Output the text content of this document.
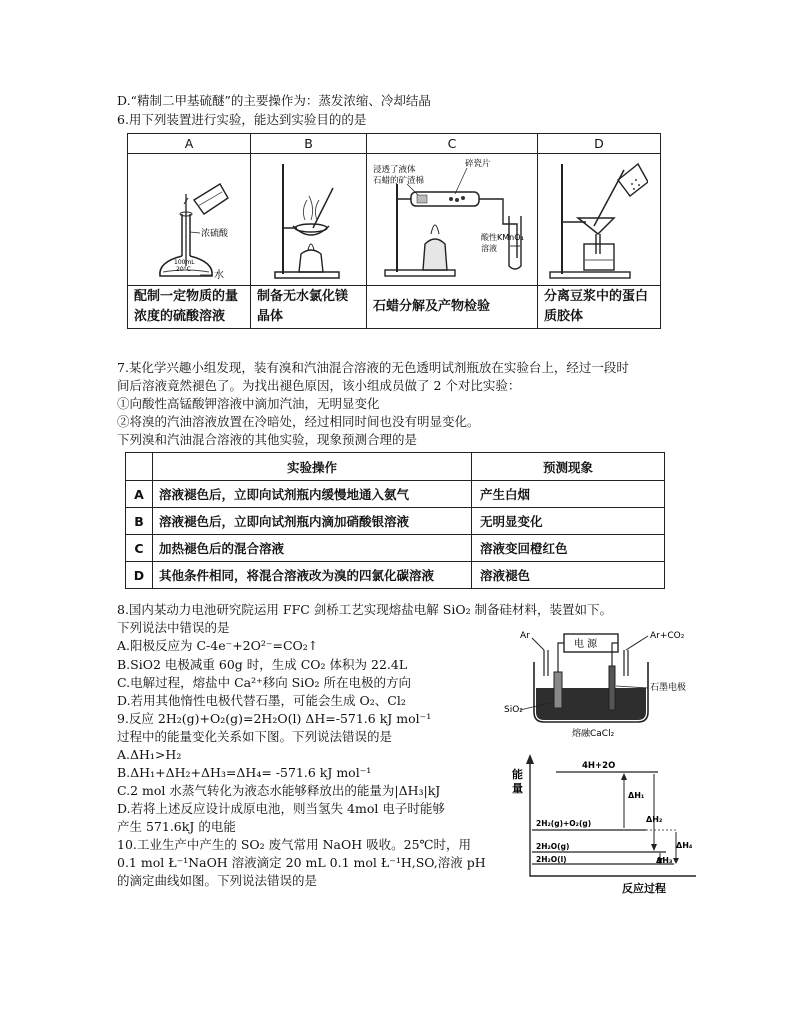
D.“精制二甲基硫醚”的主要操作为：蒸发浓缩、冷却结晶
6.用下列装置进行实验，能达到实验目的的是
A	B	C	D

浓硫酸
100mL
20°C
水		浸透了液体
石蜡的矿渣棉
碎瓷片
酸性KMnO₄
溶液

配制一定物质的量浓度的硫酸溶液	制备无水氯化镁晶体	石蜡分解及产物检验	分离豆浆中的蛋白质胶体
7.某化学兴趣小组发现，装有溴和汽油混合溶液的无色透明试剂瓶放在实验台上，经过一段时
间后溶液竟然褪色了。为找出褪色原因，该小组成员做了 2 个对比实验：
①向酸性高锰酸钾溶液中滴加汽油，无明显变化
②将溴的汽油溶液放置在冷暗处，经过相同时间也没有明显变化。
下列溴和汽油混合溶液的其他实验，现象预测合理的是
	实验操作	预测现象
A	溶液褪色后，立即向试剂瓶内缓慢地通入氨气	产生白烟
B	溶液褪色后，立即向试剂瓶内滴加硝酸银溶液	无明显变化
C	加热褪色后的混合溶液	溶液变回橙红色
D	其他条件相同，将混合溶液改为溴的四氯化碳溶液	溶液褪色
8.国内某动力电池研究院运用 FFC 剑桥工艺实现熔盐电解 SiO₂ 制备硅材料，装置如下。
下列说法中错误的是
A.阳极反应为 C-4e⁻+2O²⁻=CO₂↑
B.SiO2 电极减重 60g 时，生成 CO₂ 体积为 22.4L
C.电解过程，熔盐中 Ca²⁺移向 SiO₂ 所在电极的方向
D.若用其他惰性电极代替石墨，可能会生成 O₂、Cl₂
9.反应 2H₂(g)+O₂(g)=2H₂O(l) ΔH=-571.6 kJ mol⁻¹
过程中的能量变化关系如下图。下列说法错误的是
A.ΔH₁>H₂
B.ΔH₁+ΔH₂+ΔH₃=ΔH₄= -571.6 kJ mol⁻¹
C.2 mol 水蒸气转化为液态水能够释放出的能量为|ΔH₃|kJ
D.若将上述反应设计成原电池，则当氢失 4mol 电子时能够
产生 571.6kJ 的电能
10.工业生产中产生的 SO₂ 废气常用 NaOH 吸收。25℃时，用
0.1 mol Ł⁻¹NaOH 溶液滴定 20 mL 0.1 mol Ł⁻¹H,SO,溶液 pH
的滴定曲线如图。下列说法错误的是
电 源
Ar	Ar+CO₂
石墨电极
SiO₂
熔融CaCl₂
能
量
反应过程
4H+2O
2H₂(g)+O₂(g)
2H₂O(g)
2H₂O(l)
ΔH₁
ΔH₂
ΔH₃
ΔH₄
